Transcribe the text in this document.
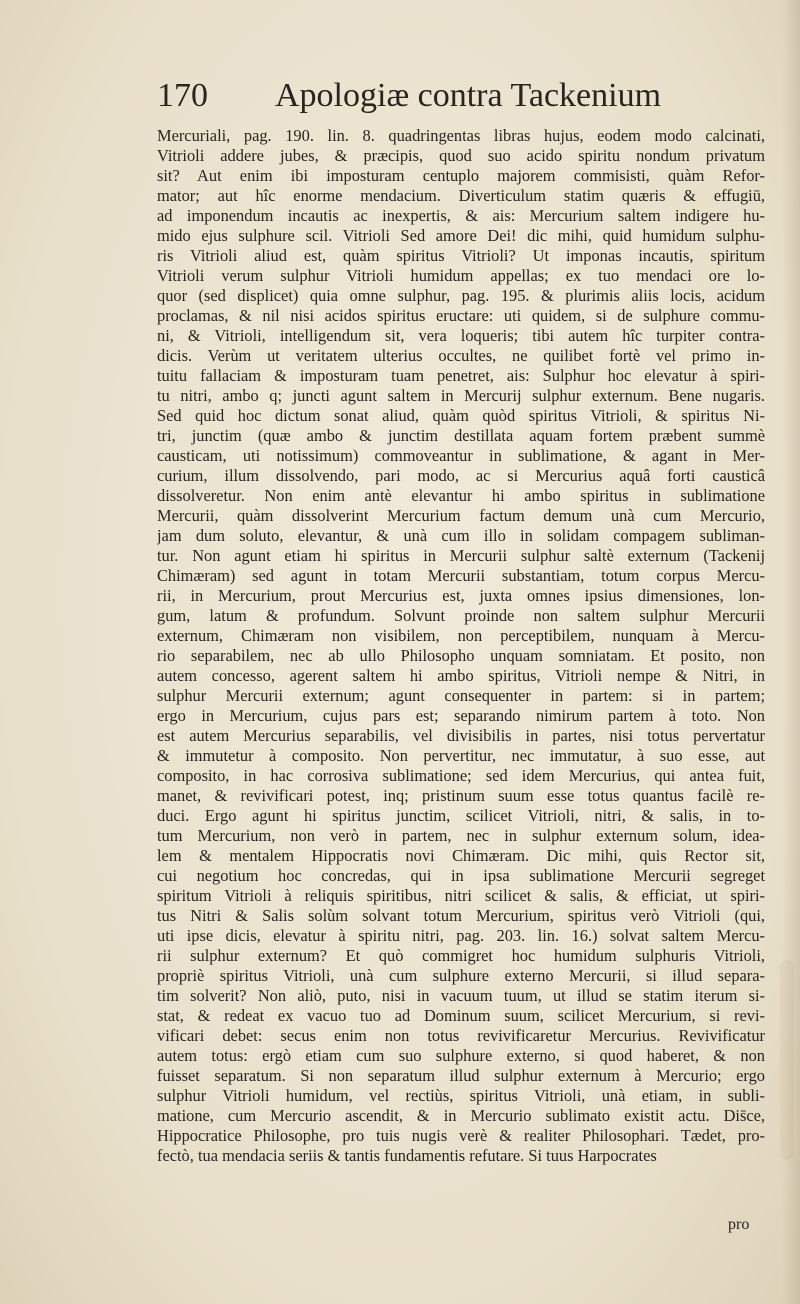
170 Apologiæ contra Tackenium
Mercuriali, pag. 190. lin. 8. quadringentas libras hujus, eodem modo calcinati,
Vitrioli addere jubes, & præcipis, quod suo acido spiritu nondum privatum
sit? Aut enim ibi imposturam centuplo majorem commisisti, quàm Refor-
mator; aut hîc enorme mendacium. Diverticulum statim quæris & effugiū,
ad imponendum incautis ac inexpertis, & ais: Mercurium saltem indigere hu-
mido ejus sulphure scil. Vitrioli Sed amore Dei! dic mihi, quid humidum sulphu-
ris Vitrioli aliud est, quàm spiritus Vitrioli? Ut imponas incautis, spiritum
Vitrioli verum sulphur Vitrioli humidum appellas; ex tuo mendaci ore lo-
quor (sed displicet) quia omne sulphur, pag. 195. & plurimis aliis locis, acidum
proclamas, & nil nisi acidos spiritus eructare: uti quidem, si de sulphure commu-
ni, & Vitrioli, intelligendum sit, vera loqueris; tibi autem hîc turpiter contra-
dicis. Verùm ut veritatem ulterius occultes, ne quilibet fortè vel primo in-
tuitu fallaciam & imposturam tuam penetret, ais: Sulphur hoc elevatur à spiri-
tu nitri, ambo q; juncti agunt saltem in Mercurij sulphur externum. Bene nugaris.
Sed quid hoc dictum sonat aliud, quàm quòd spiritus Vitrioli, & spiritus Ni-
tri, junctim (quæ ambo & junctim destillata aquam fortem præbent summè
causticam, uti notissimum) commoveantur in sublimatione, & agant in Mer-
curium, illum dissolvendo, pari modo, ac si Mercurius aquâ forti causticâ
dissolveretur. Non enim antè elevantur hi ambo spiritus in sublimatione
Mercurii, quàm dissolverint Mercurium factum demum unà cum Mercurio,
jam dum soluto, elevantur, & unà cum illo in solidam compagem subliman-
tur. Non agunt etiam hi spiritus in Mercurii sulphur saltè externum (Tackenij
Chimæram) sed agunt in totam Mercurii substantiam, totum corpus Mercu-
rii, in Mercurium, prout Mercurius est, juxta omnes ipsius dimensiones, lon-
gum, latum & profundum. Solvunt proinde non saltem sulphur Mercurii
externum, Chimæram non visibilem, non perceptibilem, nunquam à Mercu-
rio separabilem, nec ab ullo Philosopho unquam somniatam. Et posito, non
autem concesso, agerent saltem hi ambo spiritus, Vitrioli nempe & Nitri, in
sulphur Mercurii externum; agunt consequenter in partem: si in partem;
ergo in Mercurium, cujus pars est; separando nimirum partem à toto. Non
est autem Mercurius separabilis, vel divisibilis in partes, nisi totus pervertatur
& immutetur à composito. Non pervertitur, nec immutatur, à suo esse, aut
composito, in hac corrosiva sublimatione; sed idem Mercurius, qui antea fuit,
manet, & revivificari potest, inq; pristinum suum esse totus quantus facilè re-
duci. Ergo agunt hi spiritus junctim, scilicet Vitrioli, nitri, & salis, in to-
tum Mercurium, non verò in partem, nec in sulphur externum solum, idea-
lem & mentalem Hippocratis novi Chimæram. Dic mihi, quis Rector sit,
cui negotium hoc concredas, qui in ipsa sublimatione Mercurii segreget
spiritum Vitrioli à reliquis spiritibus, nitri scilicet & salis, & efficiat, ut spiri-
tus Nitri & Salis solùm solvant totum Mercurium, spiritus verò Vitrioli (qui,
uti ipse dicis, elevatur à spiritu nitri, pag. 203. lin. 16.) solvat saltem Mercu-
rii sulphur externum? Et quò commigret hoc humidum sulphuris Vitrioli,
propriè spiritus Vitrioli, unà cum sulphure externo Mercurii, si illud separa-
tim solverit? Non aliò, puto, nisi in vacuum tuum, ut illud se statim iterum si-
stat, & redeat ex vacuo tuo ad Dominum suum, scilicet Mercurium, si revi-
vificari debet: secus enim non totus revivificaretur Mercurius. Revivificatur
autem totus: ergò etiam cum suo sulphure externo, si quod haberet, & non
fuisset separatum. Si non separatum illud sulphur externum à Mercurio; ergo
sulphur Vitrioli humidum, vel rectiùs, spiritus Vitrioli, unà etiam, in subli-
matione, cum Mercurio ascendit, & in Mercurio sublimato existit actu. Dis̄ce,
Hippocratice Philosophe, pro tuis nugis verè & realiter Philosophari. Tædet, pro-
fectò, tua mendacia seriis & tantis fundamentis refutare. Si tuus Harpocrates
pro
